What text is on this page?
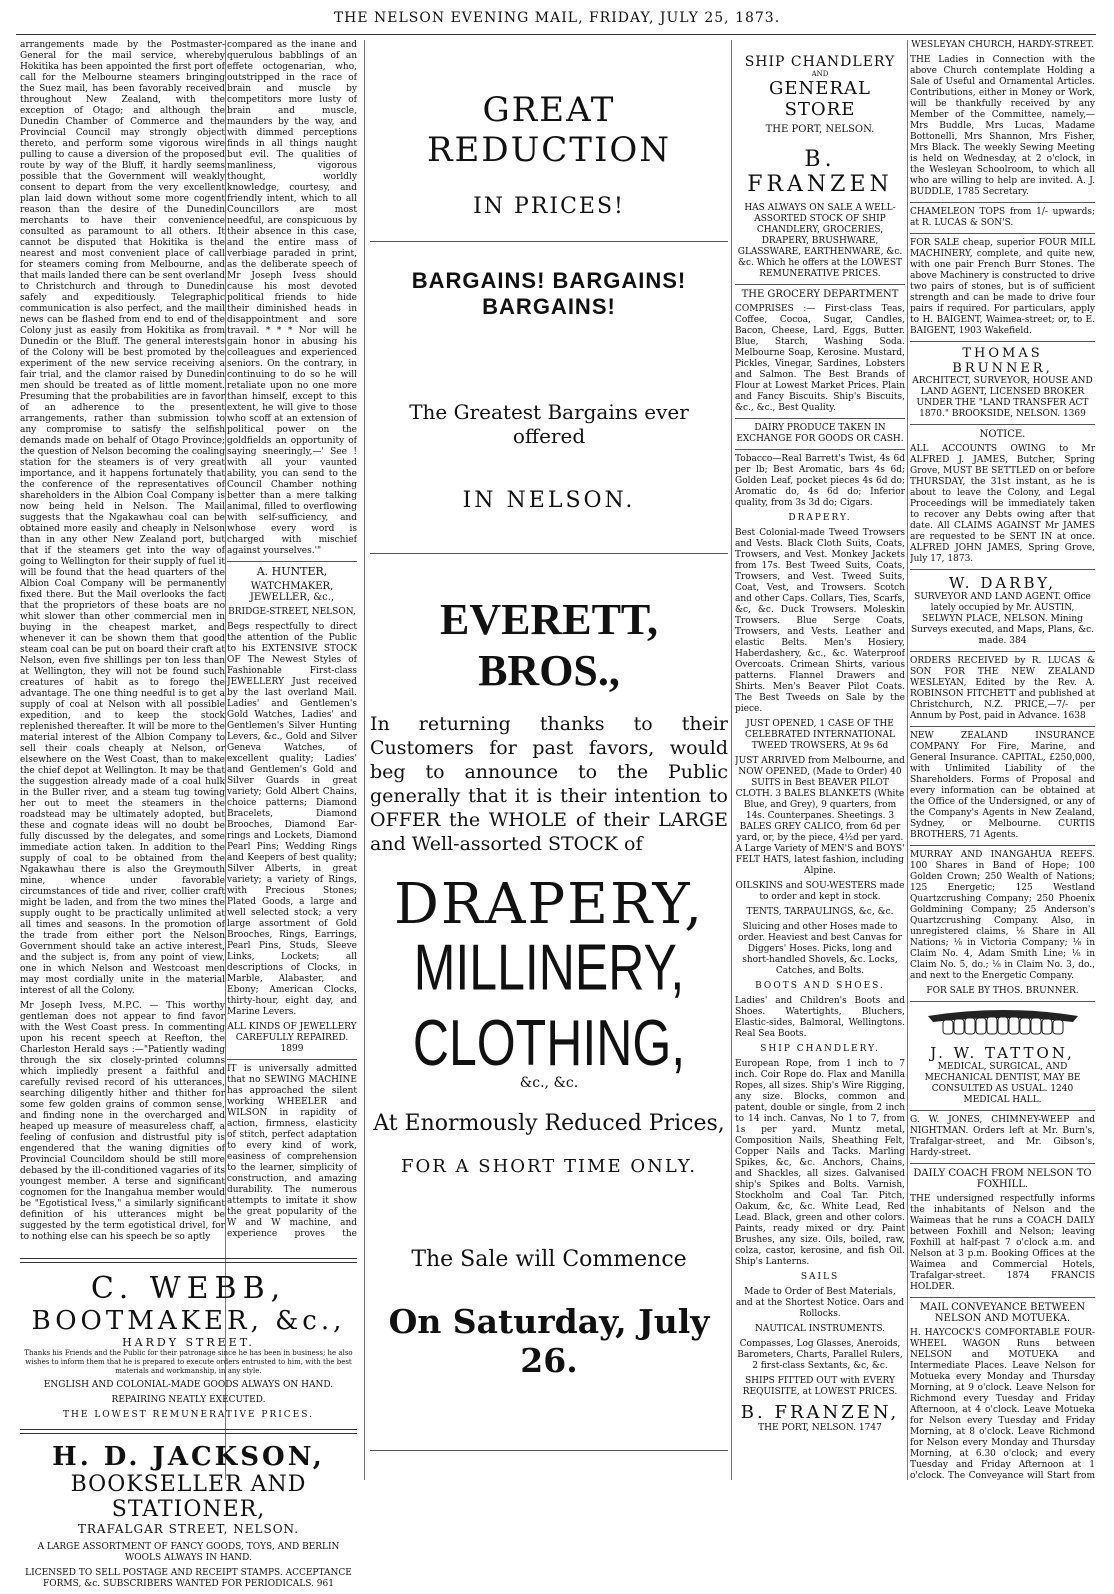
THE NELSON EVENING MAIL, FRIDAY, JULY 25, 1873.

arrangements made by the Postmaster-General for the mail service, whereby Hokitika has been appointed the first port of call for the Melbourne steamers bringing the Suez mail, has been favorably received throughout New Zealand, with the exception of Otago; and although the Dunedin Chamber of Commerce and the Provincial Council may strongly object thereto, and perform some vigorous wire pulling to cause a diversion of the proposed route by way of the Bluff, it hardly seems possible that the Government will weakly consent to depart from the very excellent plan laid down without some more cogent reason than the desire of the Dunedin merchants to have their convenience consulted as paramount to all others. It cannot be disputed that Hokitika is the nearest and most convenient place of call for steamers coming from Melbourne, and that mails landed there can be sent overland to Christchurch and through to Dunedin safely and expeditiously. Telegraphic communication is also perfect, and the mail news can be flashed from end to end of the Colony just as easily from Hokitika as from Dunedin or the Bluff. The general interests of the Colony will be best promoted by the experiment of the new service receiving a fair trial, and the clamor raised by Dunedin men should be treated as of little moment. Presuming that the probabilities are in favor of an adherence to the present arrangements, rather than submission to any compromise to satisfy the selfish demands made on behalf of Otago Province; the question of Nelson becoming the coaling station for the steamers is of very great importance, and it happens fortunately that the conference of the representatives of shareholders in the Albion Coal Company is now being held in Nelson. The Mail suggests that the Ngakawhau coal can be obtained more easily and cheaply in Nelson than in any other New Zealand port, but that if the steamers get into the way of going to Wellington for their supply of fuel it will be found that the head quarters of the Albion Coal Company will be permanently fixed there. But the Mail overlooks the fact that the proprietors of these boats are no whit slower than other commercial men in buying in the cheapest market, and whenever it can be shown them that good steam coal can be put on board their craft at Nelson, even five shillings per ton less than at Wellington, they will not be found such creatures of habit as to forego the advantage. The one thing needful is to get a supply of coal at Nelson with all possible expedition, and to keep the stock replenished thereafter. It will be more to the material interest of the Albion Company to sell their coals cheaply at Nelson, or elsewhere on the West Coast, than to make the chief depot at Wellington. It may be that the suggestion already made of a coal hulk in the Buller river, and a steam tug towing her out to meet the steamers in the roadstead may be ultimately adopted, but these and cognate ideas will no doubt be fully discussed by the delegates, and some immediate action taken. In addition to the supply of coal to be obtained from the Ngakawhau there is also the Greymouth mine, whence under favorable circumstances of tide and river, collier craft might be laden, and from the two mines the supply ought to be practically unlimited at all times and seasons. In the promotion of the trade from either port the Nelson Government should take an active interest, and the subject is, from any point of view, one in which Nelson and Westcoast men may most cordially unite in the material interest of all the Colony.

Mr Joseph Ivess, M.P.C. — This worthy gentleman does not appear to find favor with the West Coast press. In commenting upon his recent speech at Reefton, the Charleston Herald says :—"Patiently wading through the six closely-printed columns which impliedly present a faithful and carefully revised record of his utterances, searching diligently hither and thither for some few golden grains of common sense, and finding none in the overcharged and heaped up measure of measureless chaff, a feeling of confusion and distrustful pity is engendered that the waning dignities of Provincial Councildom should be still more debased by the ill-conditioned vagaries of its youngest member. A terse and significant cognomen for the Inangahua member would be "Egotistical Ivess," a similarly significant definition of his utterances might be suggested by the term egotistical drivel, for to nothing else can his speech be so aptly

compared as the inane and querulous babblings of an effete octogenarian, who, outstripped in the race of brain and muscle by competitors more lusty of brain and muscle, maunders by the way, and with dimmed perceptions finds in all things naught but evil. The qualities of manliness, vigorous thought, worldly knowledge, courtesy, and friendly intent, which to all Councillors are most needful, are conspicuous by their absence in this case, and the entire mass of verbiage paraded in print, as the deliberate speech of Mr Joseph Ivess should cause his most devoted political friends to hide their diminished heads in disappointment and sore travail. * * * Nor will he gain honor in abusing his colleagues and experienced seniors. On the contrary, in continuing to do so he will retaliate upon no one more than himself, except to this extent, he will give to those who scoff at an extension of political power on the goldfields an opportunity of saying sneeringly,—' See ! with all your vaunted ability, you can send to the Council Chamber nothing better than a mere talking animal, filled to overflowing with self-sufficiency, and whose every word is charged with mischief against yourselves.'"

A. HUNTER,
WATCHMAKER, JEWELLER, &c.,
BRIDGE-STREET, NELSON,

Begs respectfully to direct the attention of the Public to his EXTENSIVE STOCK OF The Newest Styles of Fashionable First-class JEWELLERY Just received by the last overland Mail. Ladies' and Gentlemen's Gold Watches, Ladies' and Gentlemen's Silver Hunting Levers, &c., Gold and Silver Geneva Watches, of excellent quality; Ladies' and Gentlemen's Gold and Silver Guards in great variety; Gold Albert Chains, choice patterns; Diamond Bracelets, Diamond Brooches, Diamond Ear-rings and Lockets, Diamond Pearl Pins; Wedding Rings and Keepers of best quality; Silver Alberts, in great variety; a variety of Rings, with Precious Stones; Plated Goods, a large and well selected stock; a very large assortment of Gold Brooches, Rings, Earrings, Pearl Pins, Studs, Sleeve Links, Lockets; all descriptions of Clocks, in Marble, Alabaster, and Ebony; American Clocks, thirty-hour, eight day, and Marine Levers.

ALL KINDS OF JEWELLERY CAREFULLY REPAIRED. 1899

IT is universally admitted that no SEWING MACHINE has approached the silent working WHEELER and WILSON in rapidity of action, firmness, elasticity of stitch, perfect adaptation to every kind of work, easiness of comprehension to the learner, simplicity of construction, and amazing durability. The numerous attempts to imitate it show the great popularity of the W and W machine, and experience proves the

C. WEBB,
BOOTMAKER, &c.,
HARDY STREET.

Thanks his Friends and the Public for their patronage since he has been in business; he also wishes to inform them that he is prepared to execute orders entrusted to him, with the best materials and workmanship, in any style.

ENGLISH AND COLONIAL-MADE GOODS ALWAYS ON HAND.
REPAIRING NEATLY EXECUTED.
THE LOWEST REMUNERATIVE PRICES.
H. D. JACKSON,
BOOKSELLER AND STATIONER,
TRAFALGAR STREET, NELSON.
A LARGE ASSORTMENT OF FANCY GOODS, TOYS, AND BERLIN WOOLS ALWAYS IN HAND.
LICENSED TO SELL POSTAGE AND RECEIPT STAMPS. ACCEPTANCE FORMS, &c. SUBSCRIBERS WANTED FOR PERIODICALS. 961
GREAT REDUCTION
IN PRICES!
BARGAINS! BARGAINS! BARGAINS!
The Greatest Bargains ever offered
IN NELSON.
EVERETT, BROS.,

In returning thanks to their Customers for past favors, would beg to announce to the Public generally that it is their intention to OFFER the WHOLE of their LARGE and Well-assorted STOCK of

DRAPERY,
MILLINERY, CLOTHING,
&c., &c.
At Enormously Reduced Prices,
FOR A SHORT TIME ONLY.
The Sale will Commence
On Saturday, July 26.
SHIP CHANDLERY
AND
GENERAL STORE
THE PORT, NELSON.
B. FRANZEN

HAS ALWAYS ON SALE A WELL-ASSORTED STOCK OF SHIP CHANDLERY, GROCERIES, DRAPERY, BRUSHWARE, GLASSWARE, EARTHENWARE, &c. &c. Which he offers at the LOWEST REMUNERATIVE PRICES.

THE GROCERY DEPARTMENT

COMPRISES :— First-class Teas, Coffee, Cocoa, Sugar, Candles, Bacon, Cheese, Lard, Eggs, Butter. Blue, Starch, Washing Soda. Melbourne Soap, Kerosine. Mustard, Pickles, Vinegar, Sardines, Lobsters and Salmon. The Best Brands of Flour at Lowest Market Prices. Plain and Fancy Biscuits. Ship's Biscuits, &c., &c., Best Quality.

DAIRY PRODUCE TAKEN IN EXCHANGE FOR GOODS OR CASH.

Tobacco—Real Barrett's Twist, 4s 6d per lb; Best Aromatic, bars 4s 6d; Golden Leaf, pocket pieces 4s 6d do; Aromatic do, 4s 6d do; Inferior quality, from 3s 3d do; Cigars.

DRAPERY.

Best Colonial-made Tweed Trowsers and Vests. Black Cloth Suits, Coats, Trowsers, and Vest. Monkey Jackets from 17s. Best Tweed Suits, Coats, Trowsers, and Vest. Tweed Suits, Coat, Vest, and Trowsers. Scotch and other Caps. Collars, Ties, Scarfs, &c, &c. Duck Trowsers. Moleskin Trowsers. Blue Serge Coats, Trowsers, and Vests. Leather and elastic Belts. Men's Hosiery, Haberdashery, &c., &c. Waterproof Overcoats. Crimean Shirts, various patterns. Flannel Drawers and Shirts. Men's Beaver Pilot Coats. The Best Tweeds on Sale by the piece.

JUST OPENED, 1 CASE OF THE CELEBRATED INTERNATIONAL TWEED TROWSERS, At 9s 6d

JUST ARRIVED from Melbourne, and NOW OPENED, (Made to Order) 40 SUITS in Best BEAVER PILOT CLOTH. 3 BALES BLANKETS (White Blue, and Grey), 9 quarters, from 14s. Counterpanes. Sheetings. 3 BALES GREY CALICO, from 6d per yard, or, by the piece, 4½d per yard. A Large Variety of MEN'S and BOYS' FELT HATS, latest fashion, including Alpine.

OILSKINS and SOU-WESTERS made to order and kept in stock.

TENTS, TARPAULINGS, &c, &c.

Sluicing and other Hoses made to order. Heaviest and best Canvas for Diggers' Hoses. Picks, long and short-handled Shovels, &c. Locks, Catches, and Bolts.

BOOTS AND SHOES.

Ladies' and Children's Boots and Shoes. Watertights, Bluchers, Elastic-sides, Balmoral, Wellingtons. Real Sea Boots.

SHIP CHANDLERY.

European Rope, from 1 inch to 7 inch. Coir Rope do. Flax and Manilla Ropes, all sizes. Ship's Wire Rigging, any size. Blocks, common and patent, double or single, from 2 inch to 14 inch. Canvas, No 1 to 7, from 1s per yard. Muntz metal, Composition Nails, Sheathing Felt, Copper Nails and Tacks. Marling Spikes, &c, &c. Anchors, Chains, and Shackles, all sizes. Galvanised ship's Spikes and Bolts. Varnish, Stockholm and Coal Tar. Pitch, Oakum, &c, &c. White Lead, Red Lead. Black, green and other colors. Paints, ready mixed or dry. Paint Brushes, any size. Oils, boiled, raw, colza, castor, kerosine, and fish Oil. Ship's Lanterns.

SAILS

Made to Order of Best Materials, and at the Shortest Notice. Oars and Rollocks.

NAUTICAL INSTRUMENTS.

Compasses, Log Glasses, Aneroids, Barometers, Charts, Parallel Rulers, 2 first-class Sextants, &c, &c.

SHIPS FITTED OUT with EVERY REQUISITE, at LOWEST PRICES.

B. FRANZEN,
THE PORT, NELSON. 1747
WESLEYAN CHURCH, HARDY-STREET.

THE Ladies in Connection with the above Church contemplate Holding a Sale of Useful and Ornamental Articles. Contributions, either in Money or Work, will be thankfully received by any Member of the Committee, namely,— Mrs Buddle, Mrs Lucas, Madame Bottonelli, Mrs Shannon, Mrs Fisher, Mrs Black. The weekly Sewing Meeting is held on Wednesday, at 2 o'clock, in the Wesleyan Schoolroom, to which all who are willing to help are invited. A. J. BUDDLE, 1785 Secretary.

CHAMELEON TOPS from 1/- upwards; at R. LUCAS & SON'S.

FOR SALE cheap, superior FOUR MILL MACHINERY, complete, and quite new, with one pair French Burr Stones. The above Machinery is constructed to drive two pairs of stones, but is of sufficient strength and can be made to drive four pairs if required. For particulars, apply to H. BAIGENT, Waimea-street; or, to E. BAIGENT, 1903 Wakefield.

THOMAS BRUNNER,

ARCHITECT, SURVEYOR, HOUSE AND LAND AGENT, LICENSED BROKER UNDER THE "LAND TRANSFER ACT 1870." BROOKSIDE, NELSON. 1369

NOTICE.

ALL ACCOUNTS OWING to Mr ALFRED J. JAMES, Butcher, Spring Grove, MUST BE SETTLED on or before THURSDAY, the 31st instant, as he is about to leave the Colony, and Legal Proceedings will be immediately taken to recover any Debts owing after that date. All CLAIMS AGAINST Mr JAMES are requested to be SENT IN at once. ALFRED JOHN JAMES, Spring Grove, July 17, 1873.

W. DARBY,

SURVEYOR AND LAND AGENT. Office lately occupied by Mr. AUSTIN, SELWYN PLACE, NELSON. Mining Surveys executed, and Maps, Plans, &c. made. 384

ORDERS RECEIVED by R. LUCAS & SON FOR THE NEW ZEALAND WESLEYAN, Edited by the Rev. A. ROBINSON FITCHETT and published at Christchurch, N.Z. PRICE,—7/- per Annum by Post, paid in Advance. 1638

NEW ZEALAND INSURANCE COMPANY For Fire, Marine, and General Insurance. CAPITAL, £250,000, with Unlimited Liability of the Shareholders. Forms of Proposal and every information can be obtained at the Office of the Undersigned, or any of the Company's Agents in New Zealand, Sydney, or Melbourne. CURTIS BROTHERS, 71 Agents.

MURRAY AND INANGAHUA REEFS. 100 Shares in Band of Hope; 100 Golden Crown; 250 Wealth of Nations; 125 Energetic; 125 Westland Quartzcrushing Company; 250 Phoenix Goldmining Company; 25 Anderson's Quartzcrushing Company. Also, in unregistered claims, ⅛ Share in All Nations; ⅛ in Victoria Company; ⅛ in Claim No. 4, Adam Smith Line; ⅛ in Claim No. 5, do.; ⅛ in Claim No. 3, do., and next to the Energetic Company.

FOR SALE BY THOS. BRUNNER.
J. W. TATTON,

MEDICAL, SURGICAL, AND MECHANICAL DENTIST, MAY BE CONSULTED AS USUAL. 1240 MEDICAL HALL.

G. W. JONES, CHIMNEY-WEEP and NIGHTMAN. Orders left at Mr. Burn's, Trafalgar-street, and Mr. Gibson's, Hardy-street.

DAILY COACH FROM NELSON TO FOXHILL.

THE undersigned respectfully informs the inhabitants of Nelson and the Waimeas that he runs a COACH DAILY between Foxhill and Nelson; leaving Foxhill at half-past 7 o'clock a.m. and Nelson at 3 p.m. Booking Offices at the Waimea and Commercial Hotels, Trafalgar-street. 1874 FRANCIS HOLDER.

MAIL CONVEYANCE BETWEEN NELSON AND MOTUEKA.

H. HAYCOCK'S COMFORTABLE FOUR-WHEEL WAGON Runs between NELSON and MOTUEKA and Intermediate Places. Leave Nelson for Motueka every Monday and Thursday Morning, at 9 o'clock. Leave Nelson for Richmond every Tuesday and Friday Afternoon, at 4 o'clock. Leave Motueka for Nelson every Tuesday and Friday Morning, at 8 o'clock. Leave Richmond for Nelson every Monday and Thursday Morning, at 6.30 o'clock; and every Tuesday and Friday Afternoon at 1 o'clock. The Conveyance will Start from
